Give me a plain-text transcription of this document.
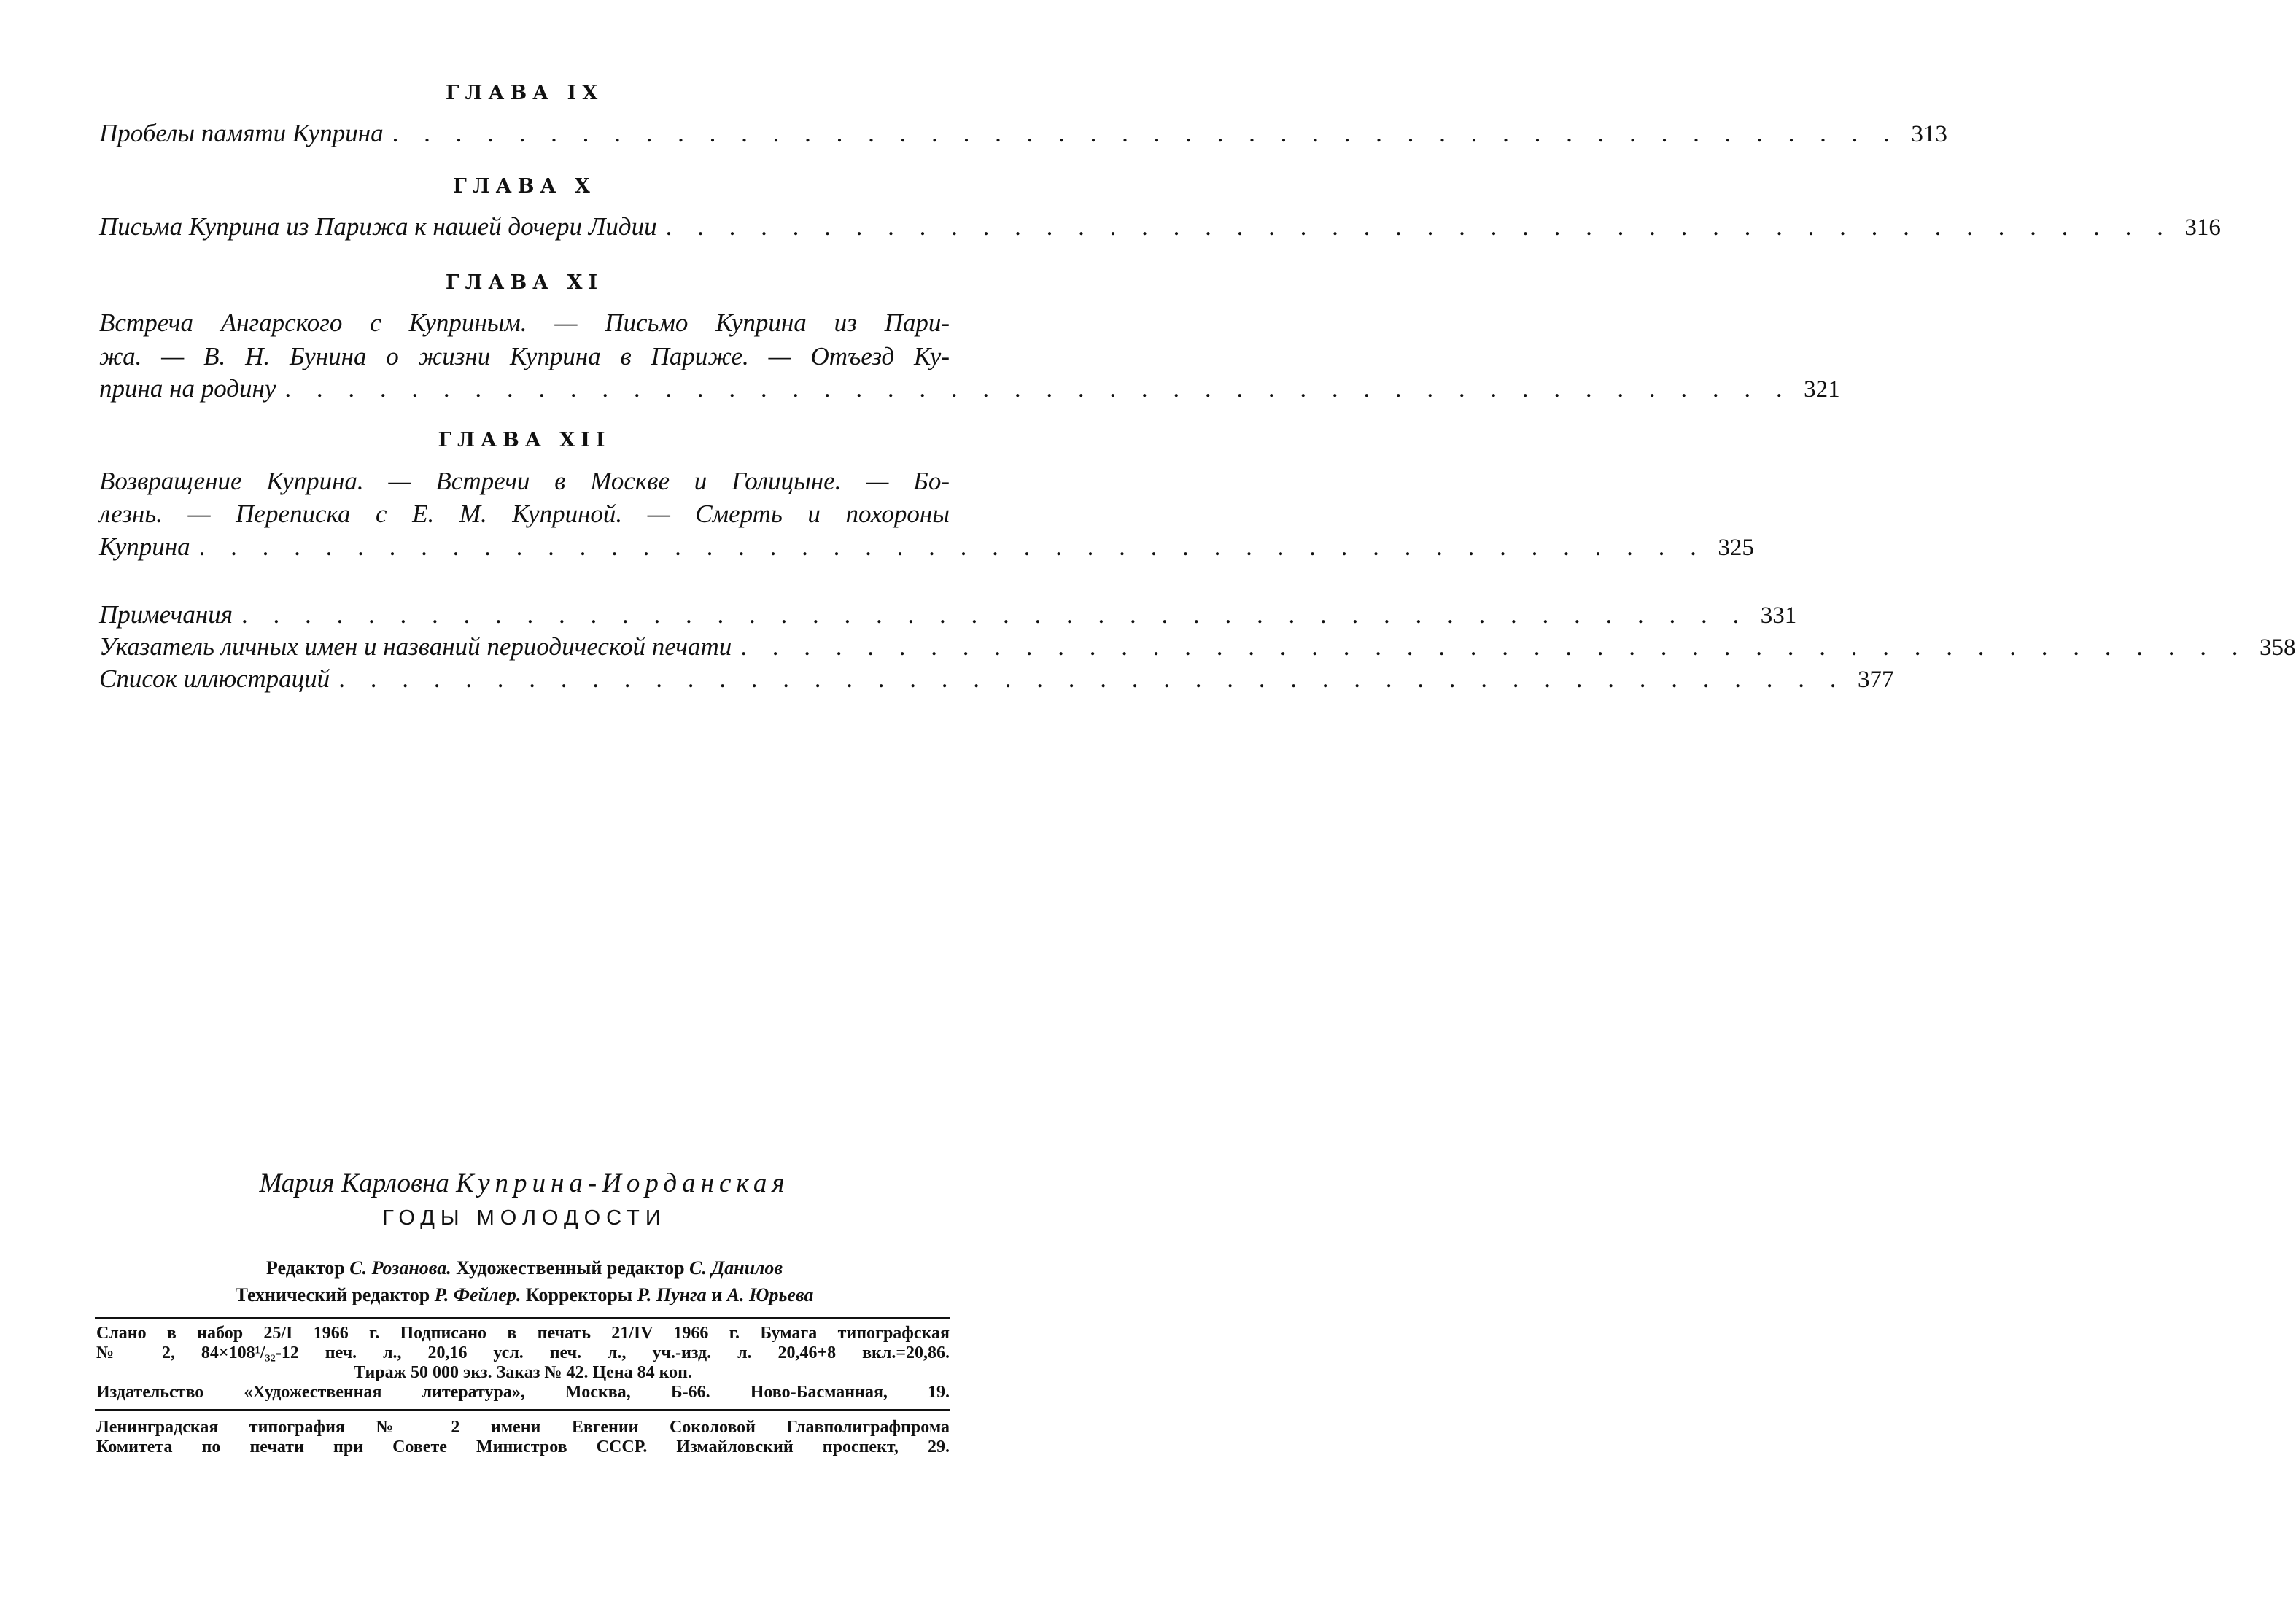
ГЛАВА IX
Пробелы памяти Куприна . . . . . . . . . . . . . . . . . . . . . . . . . . . . . . . . . . . . . . . . . . . . . . . . 313
ГЛАВА X
Письма Куприна из Парижа к нашей дочери Лидии . . . . . . . . . . . . . . . . . . . . . . . . . . . . . . . . . . . . . . . . . . . . . . . . 316
ГЛАВА XI
Встреча Ангарского с Куприным. — Письмо Куприна из Пари-
жа. — В. Н. Бунина о жизни Куприна в Париже. — Отъезд Ку-
прина на родину . . . . . . . . . . . . . . . . . . . . . . . . . . . . . . . . . . . . . . . . . . . . . . . . 321
ГЛАВА XII
Возвращение Куприна. — Встречи в Москве и Голицыне. — Бо-
лезнь. — Переписка с Е. М. Куприной. — Смерть и похороны
Куприна . . . . . . . . . . . . . . . . . . . . . . . . . . . . . . . . . . . . . . . . . . . . . . . . 325
Примечания . . . . . . . . . . . . . . . . . . . . . . . . . . . . . . . . . . . . . . . . . . . . . . . . 331
Указатель личных имен и названий периодической печати . . . . . . . . . . . . . . . . . . . . . . . . . . . . . . . . . . . . . . . . . . . . . . . . 358
Список иллюстраций . . . . . . . . . . . . . . . . . . . . . . . . . . . . . . . . . . . . . . . . . . . . . . . . 377
Мария Карловна Куприна-Иорданская
ГОДЫ МОЛОДОСТИ
Редактор С. Розанова. Художественный редактор С. Данилов
Технический редактор Р. Фейлер. Корректоры Р. Пунга и А. Юрьева
Слано в набор 25/I 1966 г. Подписано в печать 21/IV 1966 г. Бумага типографская
№ 2, 84×108¹/₃₂-12 печ. л., 20,16 усл. печ. л., уч.-изд. л. 20,46+8 вкл.=20,86.
Тираж 50 000 экз. Заказ № 42. Цена 84 коп.
Издательство «Художественная литература», Москва, Б-66. Ново-Басманная, 19.
Ленинградская типография № 2 имени Евгении Соколовой Главполиграфпрома
Комитета по печати при Совете Министров СССР. Измайловский проспект, 29.
